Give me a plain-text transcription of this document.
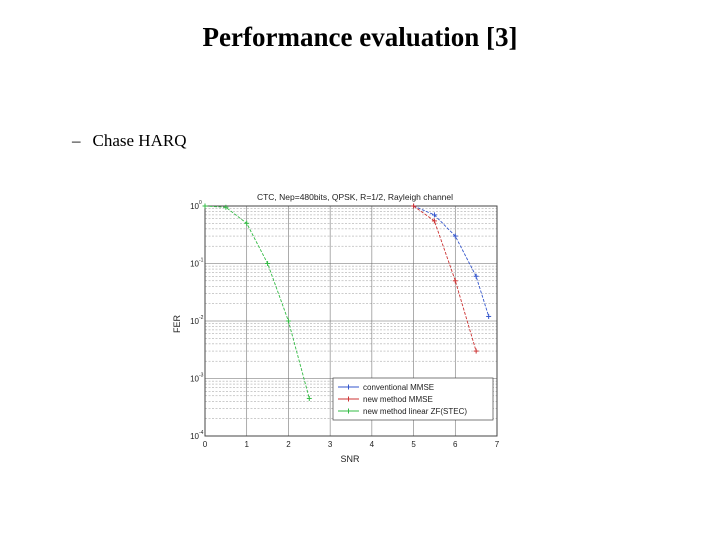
Performance evaluation [3]
– Chase HARQ
0	1	2	3	4	5	6	7
10 0
10 -1
10 -2
10 -3
10 -4
CTC, Nep=480bits, QPSK, R=1/2, Rayleigh channel
SNR
FER
conventional MMSE
new method MMSE
new method linear ZF(STEC)
